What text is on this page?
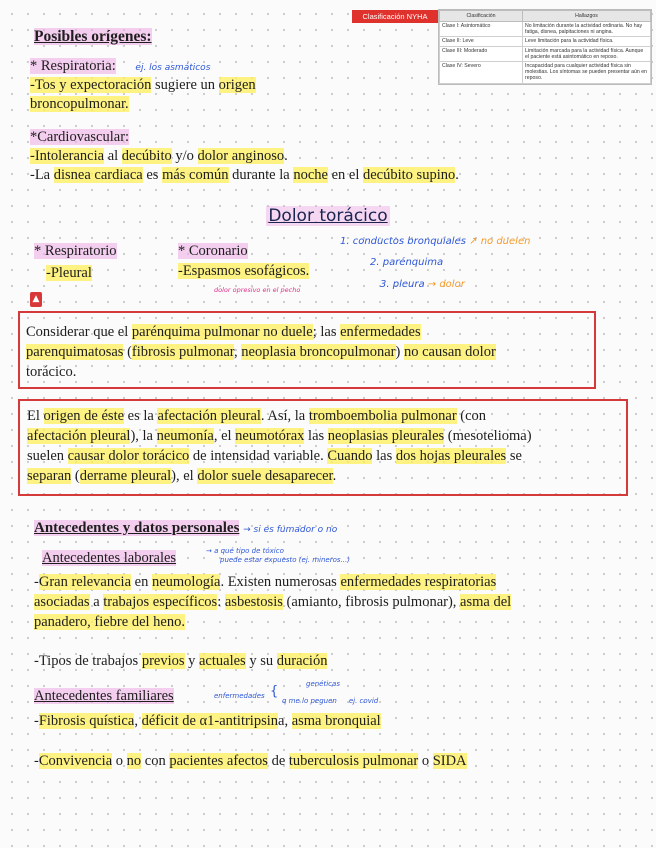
Clasificación NYHA	Clasificación	Hallazgos
Clase I: Asintomático	No limitación durante la actividad ordinaria. No hay fatiga, disnea, palpitaciones ni angina.
Clase II: Leve	Leve limitación para la actividad física.
Clase III: Moderado	Limitación marcada para la actividad física. Aunque el paciente está asintomático en reposo.
Clase IV: Severo	Incapacidad para cualquier actividad física sin molestias. Los síntomas se pueden presentar aún en reposo.
Posibles orígenes:
* Respiratoria: ej. los asmáticos
-Tos y expectoración sugiere un origen
broncopulmonar.
*Cardiovascular:
-Intolerancia al decúbito y/o dolor anginoso.
-La disnea cardiaca es más común durante la noche en el decúbito supino.
Dolor torácico
* Respiratorio
-Pleural
* Coronario
-Espasmos esofágicos.
dolor opresivo en el pecho
1. conductos bronquiales ↗ no duelen
2. parénquima
3. pleura → dolor
▲
Considerar que el parénquima pulmonar no duele; las enfermedades
parenquimatosas (fibrosis pulmonar, neoplasia broncopulmonar) no causan dolor
torácico.
El origen de éste es la afectación pleural. Así, la tromboembolia pulmonar (con
afectación pleural), la neumonía, el neumotórax las neoplasias pleurales (mesotelioma)
suelen causar dolor torácico de intensidad variable. Cuando las dos hojas pleurales se
separan (derrame pleural), el dolor suele desaparecer.
Antecedentes y datos personales → si es fumador o no
Antecedentes laborales	→ a qué tipo de tóxico
puede estar expuesto (ej. mineros...)
-Gran relevancia en neumología. Existen numerosas enfermedades respiratorias
asociadas a trabajos específicos: asbestosis (amianto, fibrosis pulmonar), asma del
panadero, fiebre del heno.
-Tipos de trabajos previos y actuales y su duración
Antecedentes familiares	enfermedades {	genéticas
q me lo peguen ej. covid
-Fibrosis quística, déficit de α1-antitripsina, asma bronquial
-Convivencia o no con pacientes afectos de tuberculosis pulmonar o SIDA
